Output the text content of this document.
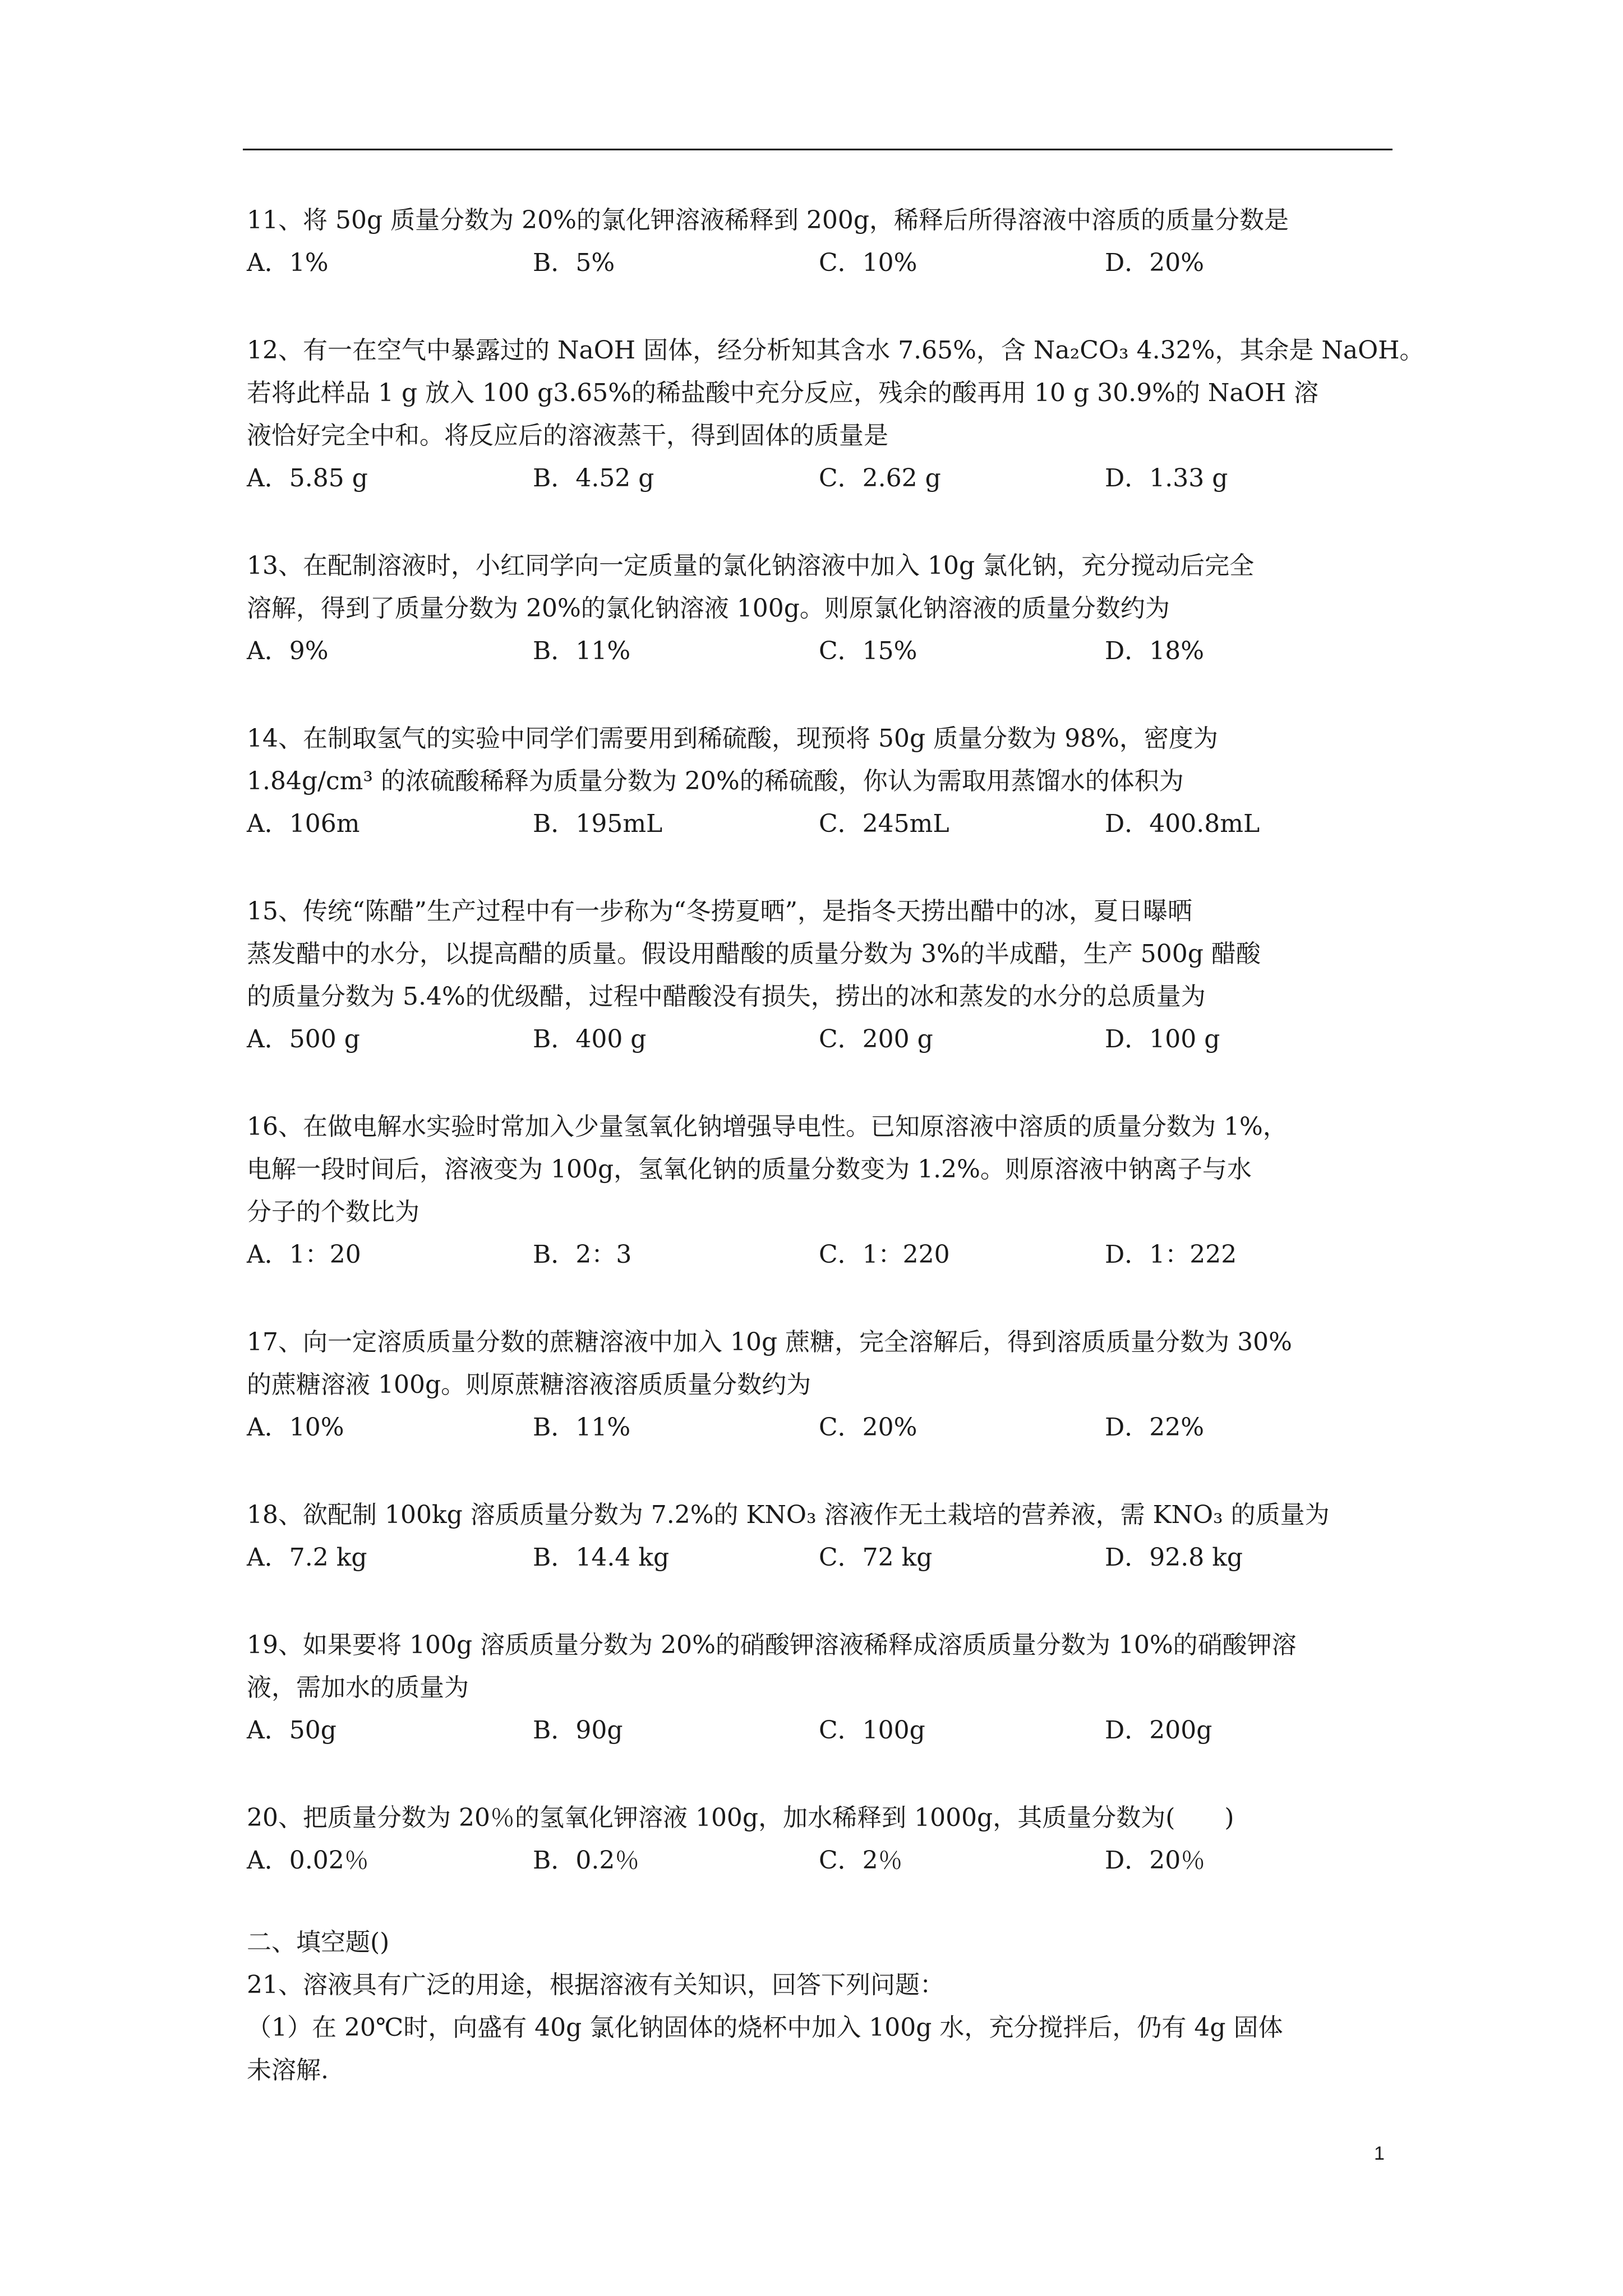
11、将 50g 质量分数为 20%的氯化钾溶液稀释到 200g，稀释后所得溶液中溶质的质量分数是
A．1%	B．5%	C．10%	D．20%
12、有一在空气中暴露过的 NaOH 固体，经分析知其含水 7.65%，含 Na₂CO₃ 4.32%，其余是 NaOH。
若将此样品 1 g 放入 100 g3.65%的稀盐酸中充分反应，残余的酸再用 10 g 30.9%的 NaOH 溶
液恰好完全中和。将反应后的溶液蒸干，得到固体的质量是
A．5.85 g	B．4.52 g	C．2.62 g	D．1.33 g
13、在配制溶液时，小红同学向一定质量的氯化钠溶液中加入 10g 氯化钠，充分搅动后完全
溶解，得到了质量分数为 20%的氯化钠溶液 100g。则原氯化钠溶液的质量分数约为
A．9%	B．11%	C．15%	D．18%
14、在制取氢气的实验中同学们需要用到稀硫酸，现预将 50g 质量分数为 98%，密度为
1.84g/cm³ 的浓硫酸稀释为质量分数为 20%的稀硫酸，你认为需取用蒸馏水的体积为
A．106m	B．195mL	C．245mL	D．400.8mL
15、传统“陈醋”生产过程中有一步称为“冬捞夏晒”，是指冬天捞出醋中的冰，夏日曝晒
蒸发醋中的水分，以提高醋的质量。假设用醋酸的质量分数为 3%的半成醋，生产 500g 醋酸
的质量分数为 5.4%的优级醋，过程中醋酸没有损失，捞出的冰和蒸发的水分的总质量为
A．500 g	B．400 g	C．200 g	D．100 g
16、在做电解水实验时常加入少量氢氧化钠增强导电性。已知原溶液中溶质的质量分数为 1%，
电解一段时间后，溶液变为 100g，氢氧化钠的质量分数变为 1.2%。则原溶液中钠离子与水
分子的个数比为
A．1：20	B．2：3	C．1：220	D．1：222
17、向一定溶质质量分数的蔗糖溶液中加入 10g 蔗糖，完全溶解后，得到溶质质量分数为 30%
的蔗糖溶液 100g。则原蔗糖溶液溶质质量分数约为
A．10%	B．11%	C．20%	D．22%
18、欲配制 100kg 溶质质量分数为 7.2%的 KNO₃ 溶液作无土栽培的营养液，需 KNO₃ 的质量为
A．7.2 kg	B．14.4 kg	C．72 kg	D．92.8 kg
19、如果要将 100g 溶质质量分数为 20%的硝酸钾溶液稀释成溶质质量分数为 10%的硝酸钾溶
液，需加水的质量为
A．50g	B．90g	C．100g	D．200g
20、把质量分数为 20％的氢氧化钾溶液 100g，加水稀释到 1000g，其质量分数为(　　)
A．0.02％	B．0.2％	C．2％	D．20％
二、填空题()
21、溶液具有广泛的用途，根据溶液有关知识，回答下列问题：
（1）在 20℃时，向盛有 40g 氯化钠固体的烧杯中加入 100g 水，充分搅拌后，仍有 4g 固体
未溶解.
1
